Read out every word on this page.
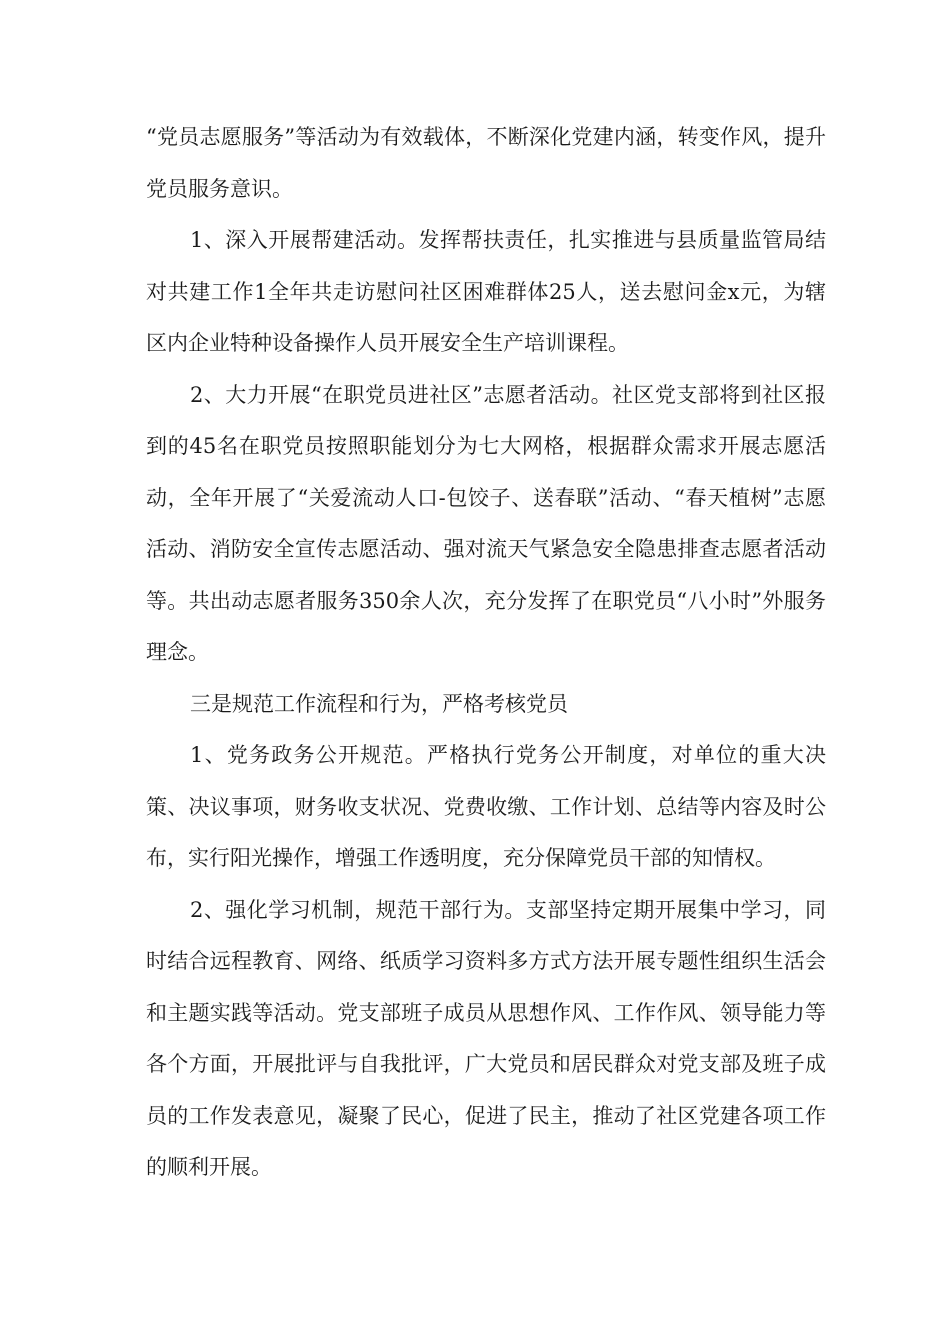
“党员志愿服务”等活动为有效载体，不断深化党建内涵，转变作风，提升党员服务意识。

1、深入开展帮建活动。发挥帮扶责任，扎实推进与县质量监管局结对共建工作1全年共走访慰问社区困难群体25人，送去慰问金x元，为辖区内企业特种设备操作人员开展安全生产培训课程。

2、大力开展“在职党员进社区”志愿者活动。社区党支部将到社区报到的45名在职党员按照职能划分为七大网格，根据群众需求开展志愿活动，全年开展了“关爱流动人口-包饺子、送春联”活动、“春天植树”志愿活动、消防安全宣传志愿活动、强对流天气紧急安全隐患排查志愿者活动等。共出动志愿者服务350余人次，充分发挥了在职党员“八小时”外服务理念。

三是规范工作流程和行为，严格考核党员

1、党务政务公开规范。严格执行党务公开制度，对单位的重大决策、决议事项，财务收支状况、党费收缴、工作计划、总结等内容及时公布，实行阳光操作，增强工作透明度，充分保障党员干部的知情权。

2、强化学习机制，规范干部行为。支部坚持定期开展集中学习，同时结合远程教育、网络、纸质学习资料多方式方法开展专题性组织生活会和主题实践等活动。党支部班子成员从思想作风、工作作风、领导能力等各个方面，开展批评与自我批评，广大党员和居民群众对党支部及班子成员的工作发表意见，凝聚了民心，促进了民主，推动了社区党建各项工作的顺利开展。
